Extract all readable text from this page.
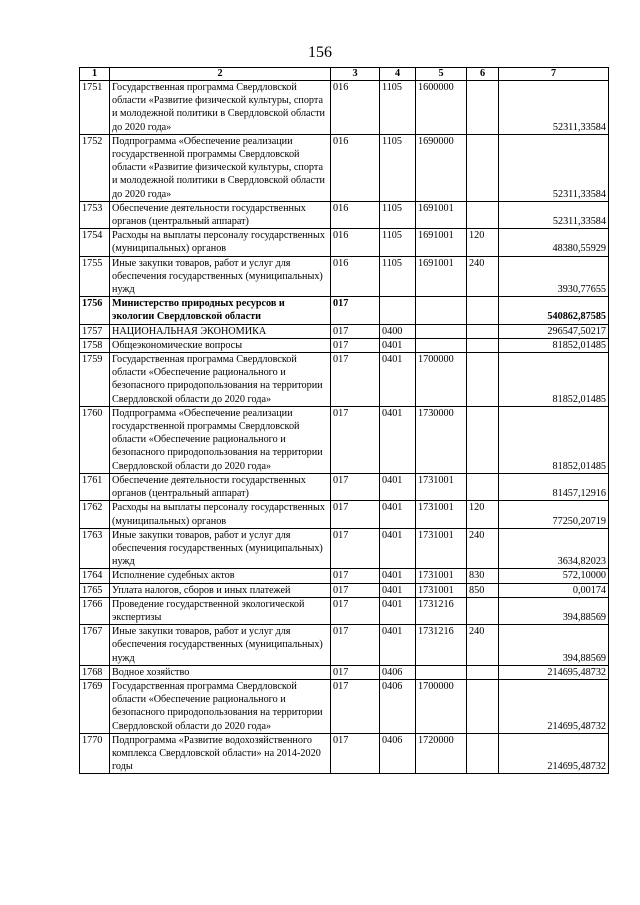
156
1	2	3	4	5	6	7
1751	Государственная программа Свердловской области «Развитие физической культуры, спорта и молодежной политики в Свердловской области до 2020 года»	016	1105	1600000		52311,33584
1752	Подпрограмма «Обеспечение реализации государственной программы Свердловской области «Развитие физической культуры, спорта и молодежной политики в Свердловской области до 2020 года»	016	1105	1690000		52311,33584
1753	Обеспечение деятельности государственных органов (центральный аппарат)	016	1105	1691001		52311,33584
1754	Расходы на выплаты персоналу государственных (муниципальных) органов	016	1105	1691001	120	48380,55929
1755	Иные закупки товаров, работ и услуг для обеспечения государственных (муниципальных) нужд	016	1105	1691001	240	3930,77655
1756	Министерство природных ресурсов и экологии Свердловской области	017				540862,87585
1757	НАЦИОНАЛЬНАЯ ЭКОНОМИКА	017	0400			296547,50217
1758	Общеэкономические вопросы	017	0401			81852,01485
1759	Государственная программа Свердловской области «Обеспечение рационального и безопасного природопользования на территории Свердловской области до 2020 года»	017	0401	1700000		81852,01485
1760	Подпрограмма «Обеспечение реализации государственной программы Свердловской области «Обеспечение рационального и безопасного природопользования на территории Свердловской области до 2020 года»	017	0401	1730000		81852,01485
1761	Обеспечение деятельности государственных органов (центральный аппарат)	017	0401	1731001		81457,12916
1762	Расходы на выплаты персоналу государственных (муниципальных) органов	017	0401	1731001	120	77250,20719
1763	Иные закупки товаров, работ и услуг для обеспечения государственных (муниципальных) нужд	017	0401	1731001	240	3634,82023
1764	Исполнение судебных актов	017	0401	1731001	830	572,10000
1765	Уплата налогов, сборов и иных платежей	017	0401	1731001	850	0,00174
1766	Проведение государственной экологической экспертизы	017	0401	1731216		394,88569
1767	Иные закупки товаров, работ и услуг для обеспечения государственных (муниципальных) нужд	017	0401	1731216	240	394,88569
1768	Водное хозяйство	017	0406			214695,48732
1769	Государственная программа Свердловской области «Обеспечение рационального и безопасного природопользования на территории Свердловской области до 2020 года»	017	0406	1700000		214695,48732
1770	Подпрограмма «Развитие водохозяйственного комплекса Свердловской области» на 2014-2020 годы	017	0406	1720000		214695,48732
